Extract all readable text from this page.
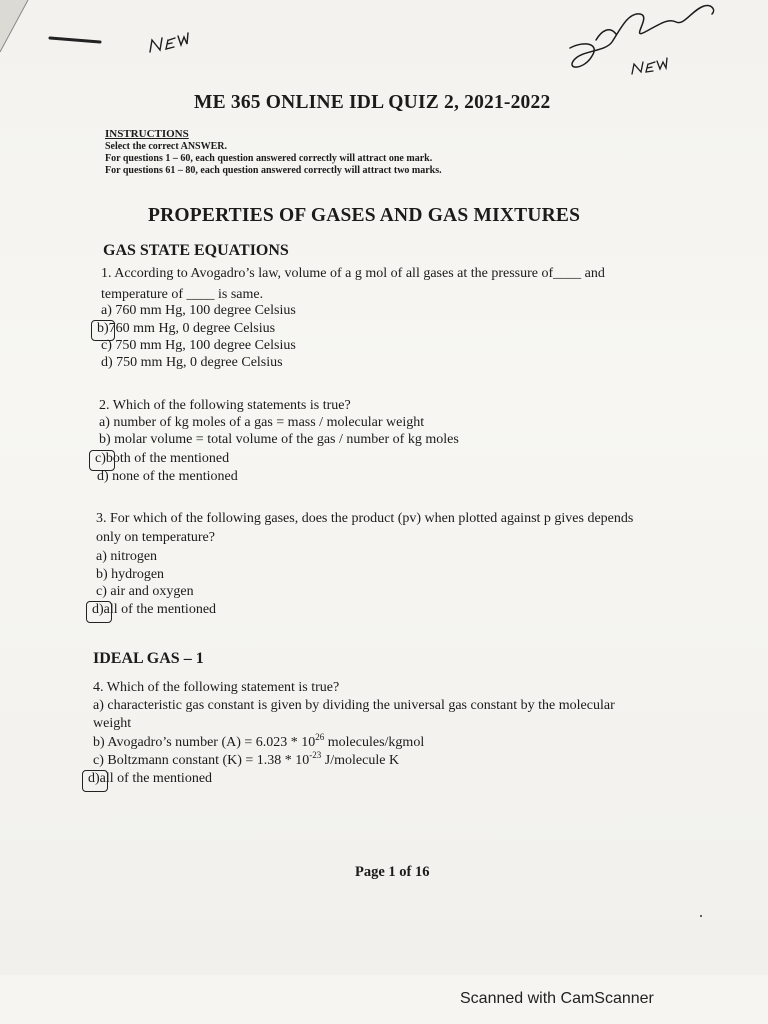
ME 365 ONLINE IDL QUIZ 2, 2021-2022
INSTRUCTIONS
Select the correct ANSWER.
For questions 1 – 60, each question answered correctly will attract one mark.
For questions 61 – 80, each question answered correctly will attract two marks.
PROPERTIES OF GASES AND GAS MIXTURES
GAS STATE EQUATIONS
1. According to Avogadro’s law, volume of a g mol of all gases at the pressure of____ and
temperature of ____ is same.
a) 760 mm Hg, 100 degree Celsius
b)760 mm Hg, 0 degree Celsius
c) 750 mm Hg, 100 degree Celsius
d) 750 mm Hg, 0 degree Celsius
2. Which of the following statements is true?
a) number of kg moles of a gas = mass / molecular weight
b) molar volume = total volume of the gas / number of kg moles
c)both of the mentioned
d) none of the mentioned
3. For which of the following gases, does the product (pv) when plotted against p gives depends
only on temperature?
a) nitrogen
b) hydrogen
c) air and oxygen
d)all of the mentioned
IDEAL GAS – 1
4. Which of the following statement is true?
a) characteristic gas constant is given by dividing the universal gas constant by the molecular
weight
b) Avogadro’s number $(A) = 6.023 * 10^{26}$ molecules/kgmol
c) Boltzmann constant $(K) = 1.38 * 10^{-23}$ J/molecule K
d)all of the mentioned
Page 1 of 16
Scanned with CamScanner
